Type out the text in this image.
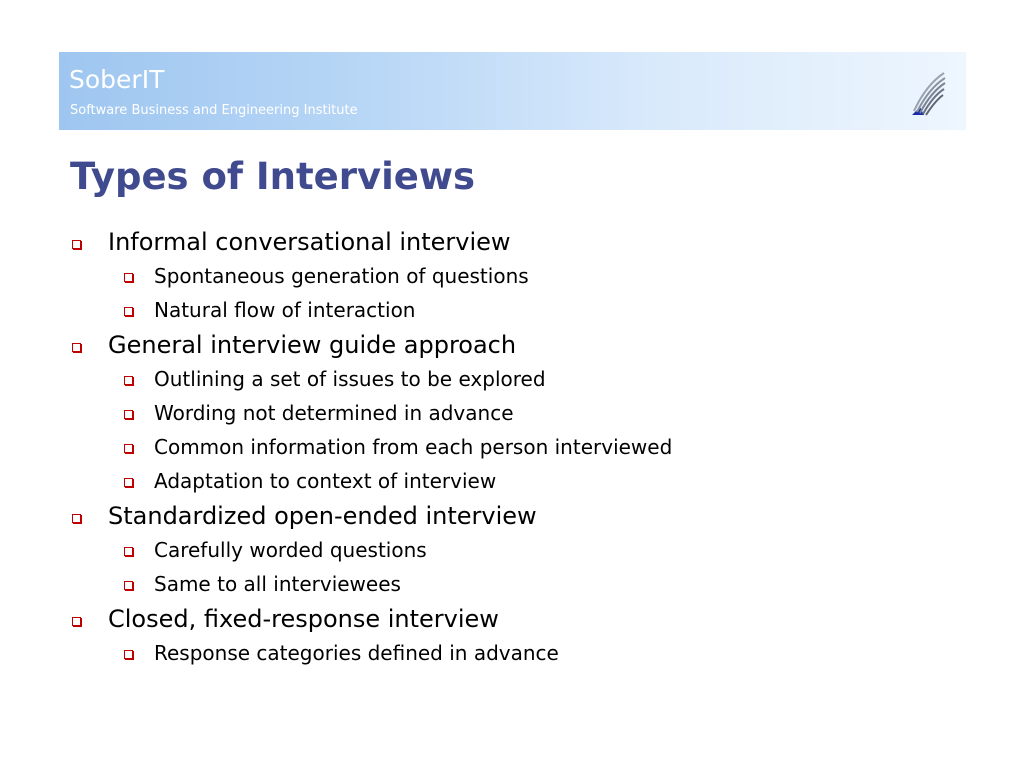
SoberIT
Software Business and Engineering Institute
Types of Interviews
Informal conversational interview
Spontaneous generation of questions
Natural flow of interaction
General interview guide approach
Outlining a set of issues to be explored
Wording not determined in advance
Common information from each person interviewed
Adaptation to context of interview
Standardized open-ended interview
Carefully worded questions
Same to all interviewees
Closed, fixed-response interview
Response categories defined in advance
